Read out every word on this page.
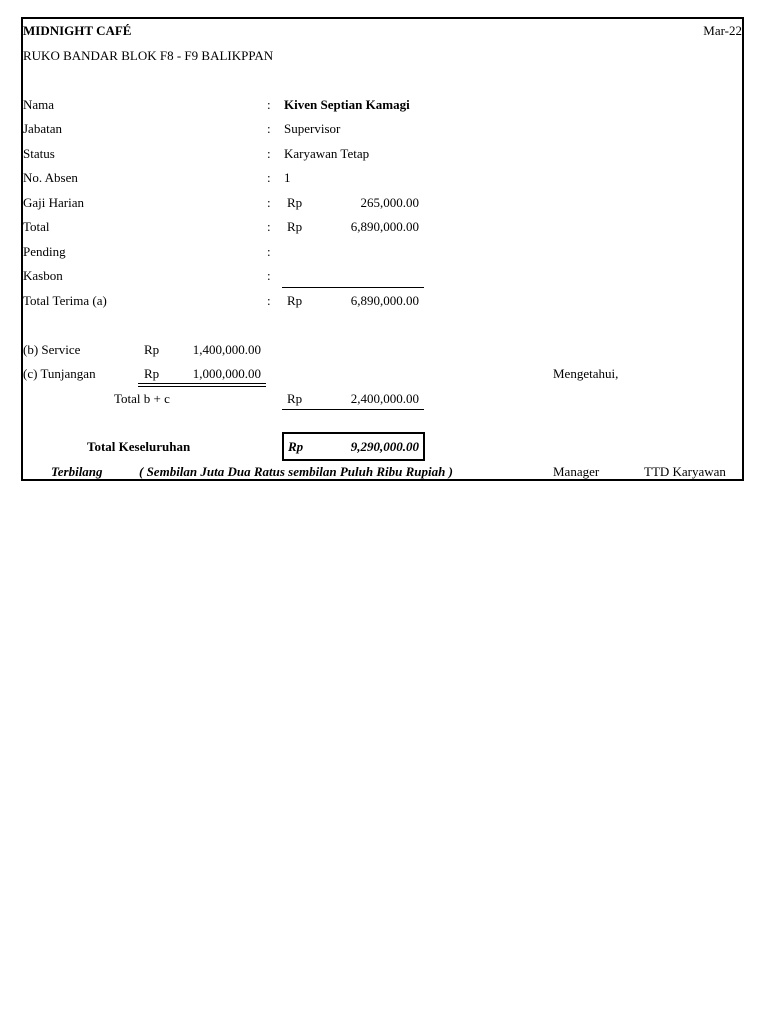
MIDNIGHT CAFÉ	Mar-22
RUKO BANDAR BLOK F8 - F9 BALIKPPAN
Nama	: Kiven Septian Kamagi
Jabatan	: Supervisor
Status	: Karyawan Tetap
No. Absen	: 1
Gaji Harian	: Rp	265,000.00
Total	: Rp	6,890,000.00
Pending	:
Kasbon	:
Total Terima (a)	: Rp	6,890,000.00
(b) Service	Rp	1,400,000.00
(c) Tunjangan	Rp	1,000,000.00	Mengetahui,
Total b + c	Rp	2,400,000.00
Total Keseluruhan	Rp	9,290,000.00
Terbilang	( Sembilan Juta Dua Ratus sembilan Puluh Ribu Rupiah )	Manager	TTD Karyawan
